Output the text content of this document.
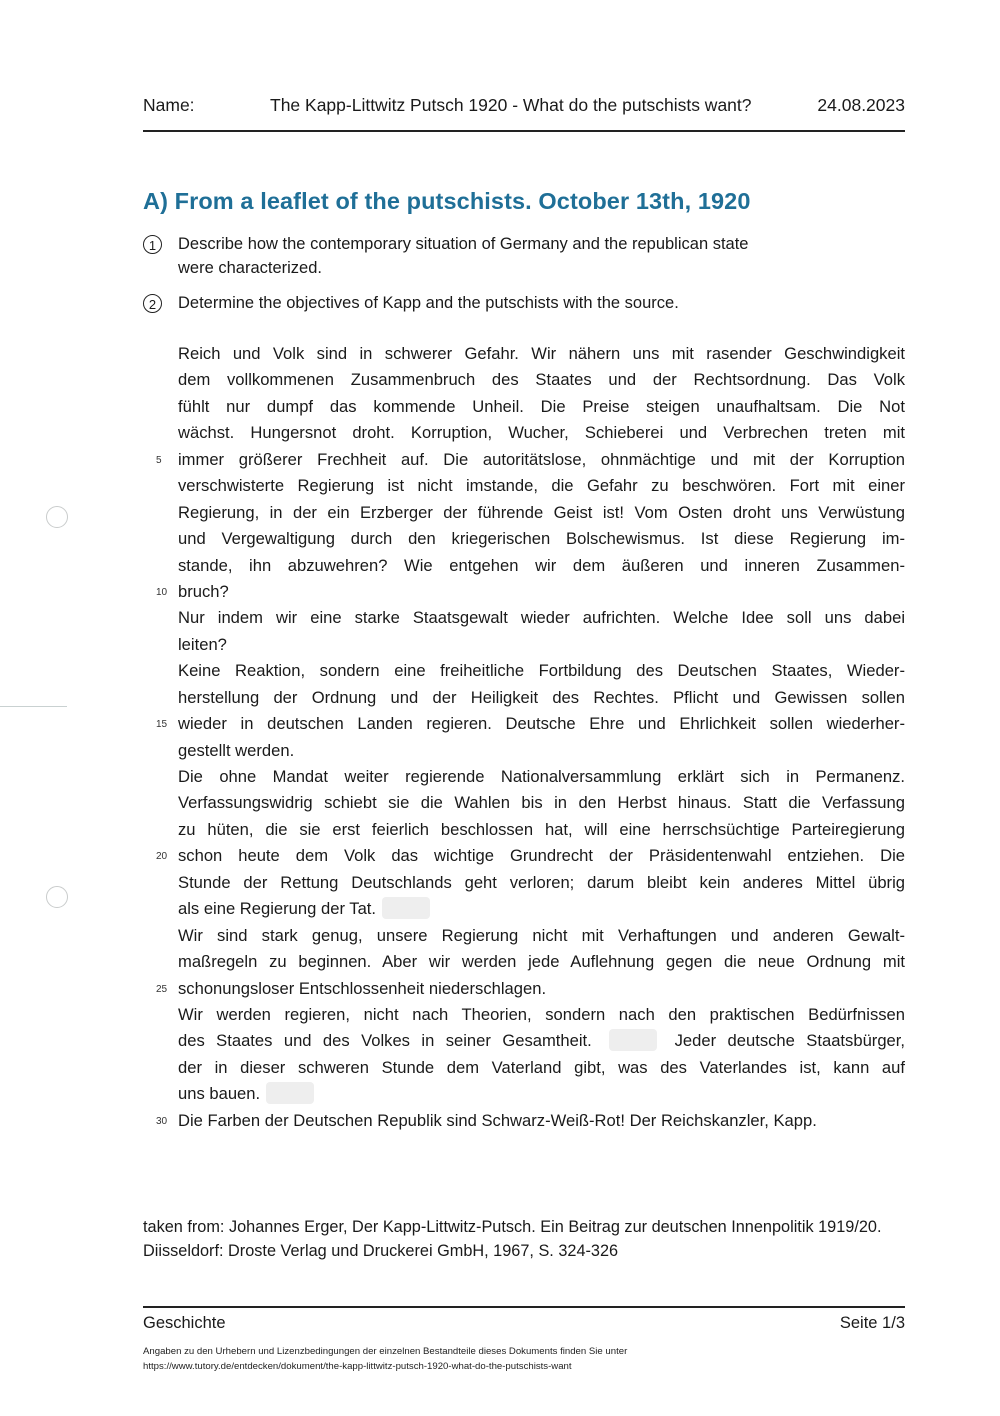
Name:	The Kapp-Littwitz Putsch 1920 - What do the putschists want?	24.08.2023
A) From a leaflet of the putschists. October 13th, 1920
1	Describe how the contemporary situation of Germany and the republican state were characterized.
2	Determine the objectives of Kapp and the putschists with the source.
Reich und Volk sind in schwerer Gefahr. Wir nähern uns mit rasender Geschwindigkeit
dem vollkommenen Zusammenbruch des Staates und der Rechtsordnung. Das Volk
fühlt nur dumpf das kommende Unheil. Die Preise steigen unaufhaltsam. Die Not
wächst. Hungersnot droht. Korruption, Wucher, Schieberei und Verbrechen treten mit
5 immer größerer Frechheit auf. Die autoritätslose, ohnmächtige und mit der Korruption
verschwisterte Regierung ist nicht imstande, die Gefahr zu beschwören. Fort mit einer
Regierung, in der ein Erzberger der führende Geist ist! Vom Osten droht uns Verwüstung
und Vergewaltigung durch den kriegerischen Bolschewismus. Ist diese Regierung im-
stande, ihn abzuwehren? Wie entgehen wir dem äußeren und inneren Zusammen-
10 bruch?
Nur indem wir eine starke Staatsgewalt wieder aufrichten. Welche Idee soll uns dabei
leiten?
Keine Reaktion, sondern eine freiheitliche Fortbildung des Deutschen Staates, Wieder-
herstellung der Ordnung und der Heiligkeit des Rechtes. Pflicht und Gewissen sollen
15 wieder in deutschen Landen regieren. Deutsche Ehre und Ehrlichkeit sollen wiederher-
gestellt werden.
Die ohne Mandat weiter regierende Nationalversammlung erklärt sich in Permanenz.
Verfassungswidrig schiebt sie die Wahlen bis in den Herbst hinaus. Statt die Verfassung
zu hüten, die sie erst feierlich beschlossen hat, will eine herrschsüchtige Parteiregierung
20 schon heute dem Volk das wichtige Grundrecht der Präsidentenwahl entziehen. Die
Stunde der Rettung Deutschlands geht verloren; darum bleibt kein anderes Mittel übrig
als eine Regierung der Tat.
Wir sind stark genug, unsere Regierung nicht mit Verhaftungen und anderen Gewalt-
maßregeln zu beginnen. Aber wir werden jede Auflehnung gegen die neue Ordnung mit
25 schonungsloser Entschlossenheit niederschlagen.
Wir werden regieren, nicht nach Theorien, sondern nach den praktischen Bedürfnissen
des Staates und des Volkes in seiner Gesamtheit.	Jeder deutsche Staatsbürger,
der in dieser schweren Stunde dem Vaterland gibt, was des Vaterlandes ist, kann auf
uns bauen.
30 Die Farben der Deutschen Republik sind Schwarz-Weiß-Rot! Der Reichskanzler, Kapp.
taken from: Johannes Erger, Der Kapp-Littwitz-Putsch. Ein Beitrag zur deutschen Innenpolitik 1919/20. Diisseldorf: Droste Verlag und Druckerei GmbH, 1967, S. 324-326
Geschichte	Seite 1/3
Angaben zu den Urhebern und Lizenzbedingungen der einzelnen Bestandteile dieses Dokuments finden Sie unter
https://www.tutory.de/entdecken/dokument/the-kapp-littwitz-putsch-1920-what-do-the-putschists-want
